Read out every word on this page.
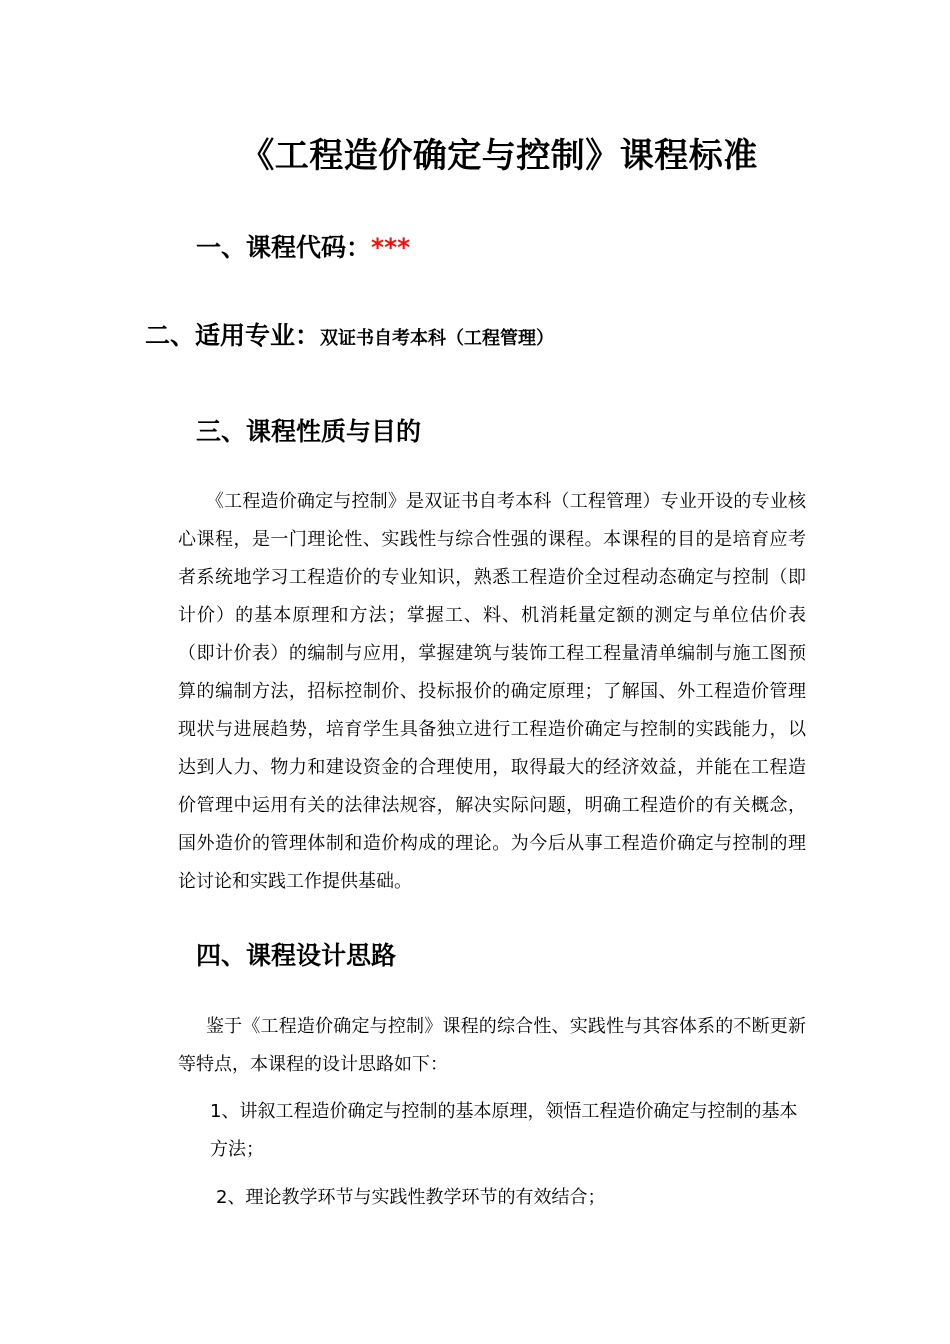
《工程造价确定与控制》课程标准
一、课程代码：***
二、适用专业：双证书自考本科（工程管理）
三、课程性质与目的

《工程造价确定与控制》是双证书自考本科（工程管理）专业开设的专业核心课程，是一门理论性、实践性与综合性强的课程。本课程的目的是培育应考者系统地学习工程造价的专业知识，熟悉工程造价全过程动态确定与控制（即计价）的基本原理和方法；掌握工、料、机消耗量定额的测定与单位估价表（即计价表）的编制与应用，掌握建筑与装饰工程工程量清单编制与施工图预算的编制方法，招标控制价、投标报价的确定原理；了解国、外工程造价管理现状与进展趋势，培育学生具备独立进行工程造价确定与控制的实践能力，以达到人力、物力和建设资金的合理使用，取得最大的经济效益，并能在工程造价管理中运用有关的法律法规容，解决实际问题，明确工程造价的有关概念，国外造价的管理体制和造价构成的理论。为今后从事工程造价确定与控制的理论讨论和实践工作提供基础。

四、课程设计思路

鉴于《工程造价确定与控制》课程的综合性、实践性与其容体系的不断更新等特点，本课程的设计思路如下：

1、讲叙工程造价确定与控制的基本原理，领悟工程造价确定与控制的基本方法；

2、理论教学环节与实践性教学环节的有效结合；
